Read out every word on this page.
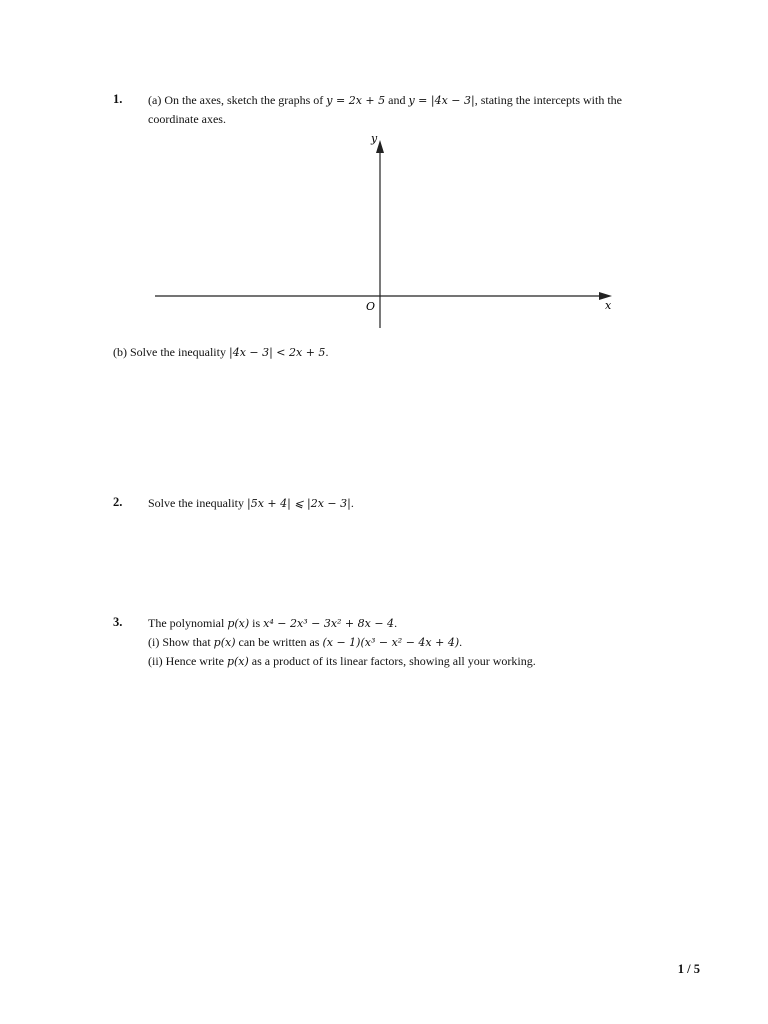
1. (a) On the axes, sketch the graphs of y = 2x + 5 and y = |4x − 3|, stating the intercepts with the
coordinate axes.
x
y
O
(b) Solve the inequality |4x − 3| < 2x + 5.
2. Solve the inequality |5x + 4| ⩽ |2x − 3|.
3. The polynomial p(x) is x⁴ − 2x³ − 3x² + 8x − 4.
(i) Show that p(x) can be written as (x − 1)(x³ − x² − 4x + 4).
(ii) Hence write p(x) as a product of its linear factors, showing all your working.
1 / 5
